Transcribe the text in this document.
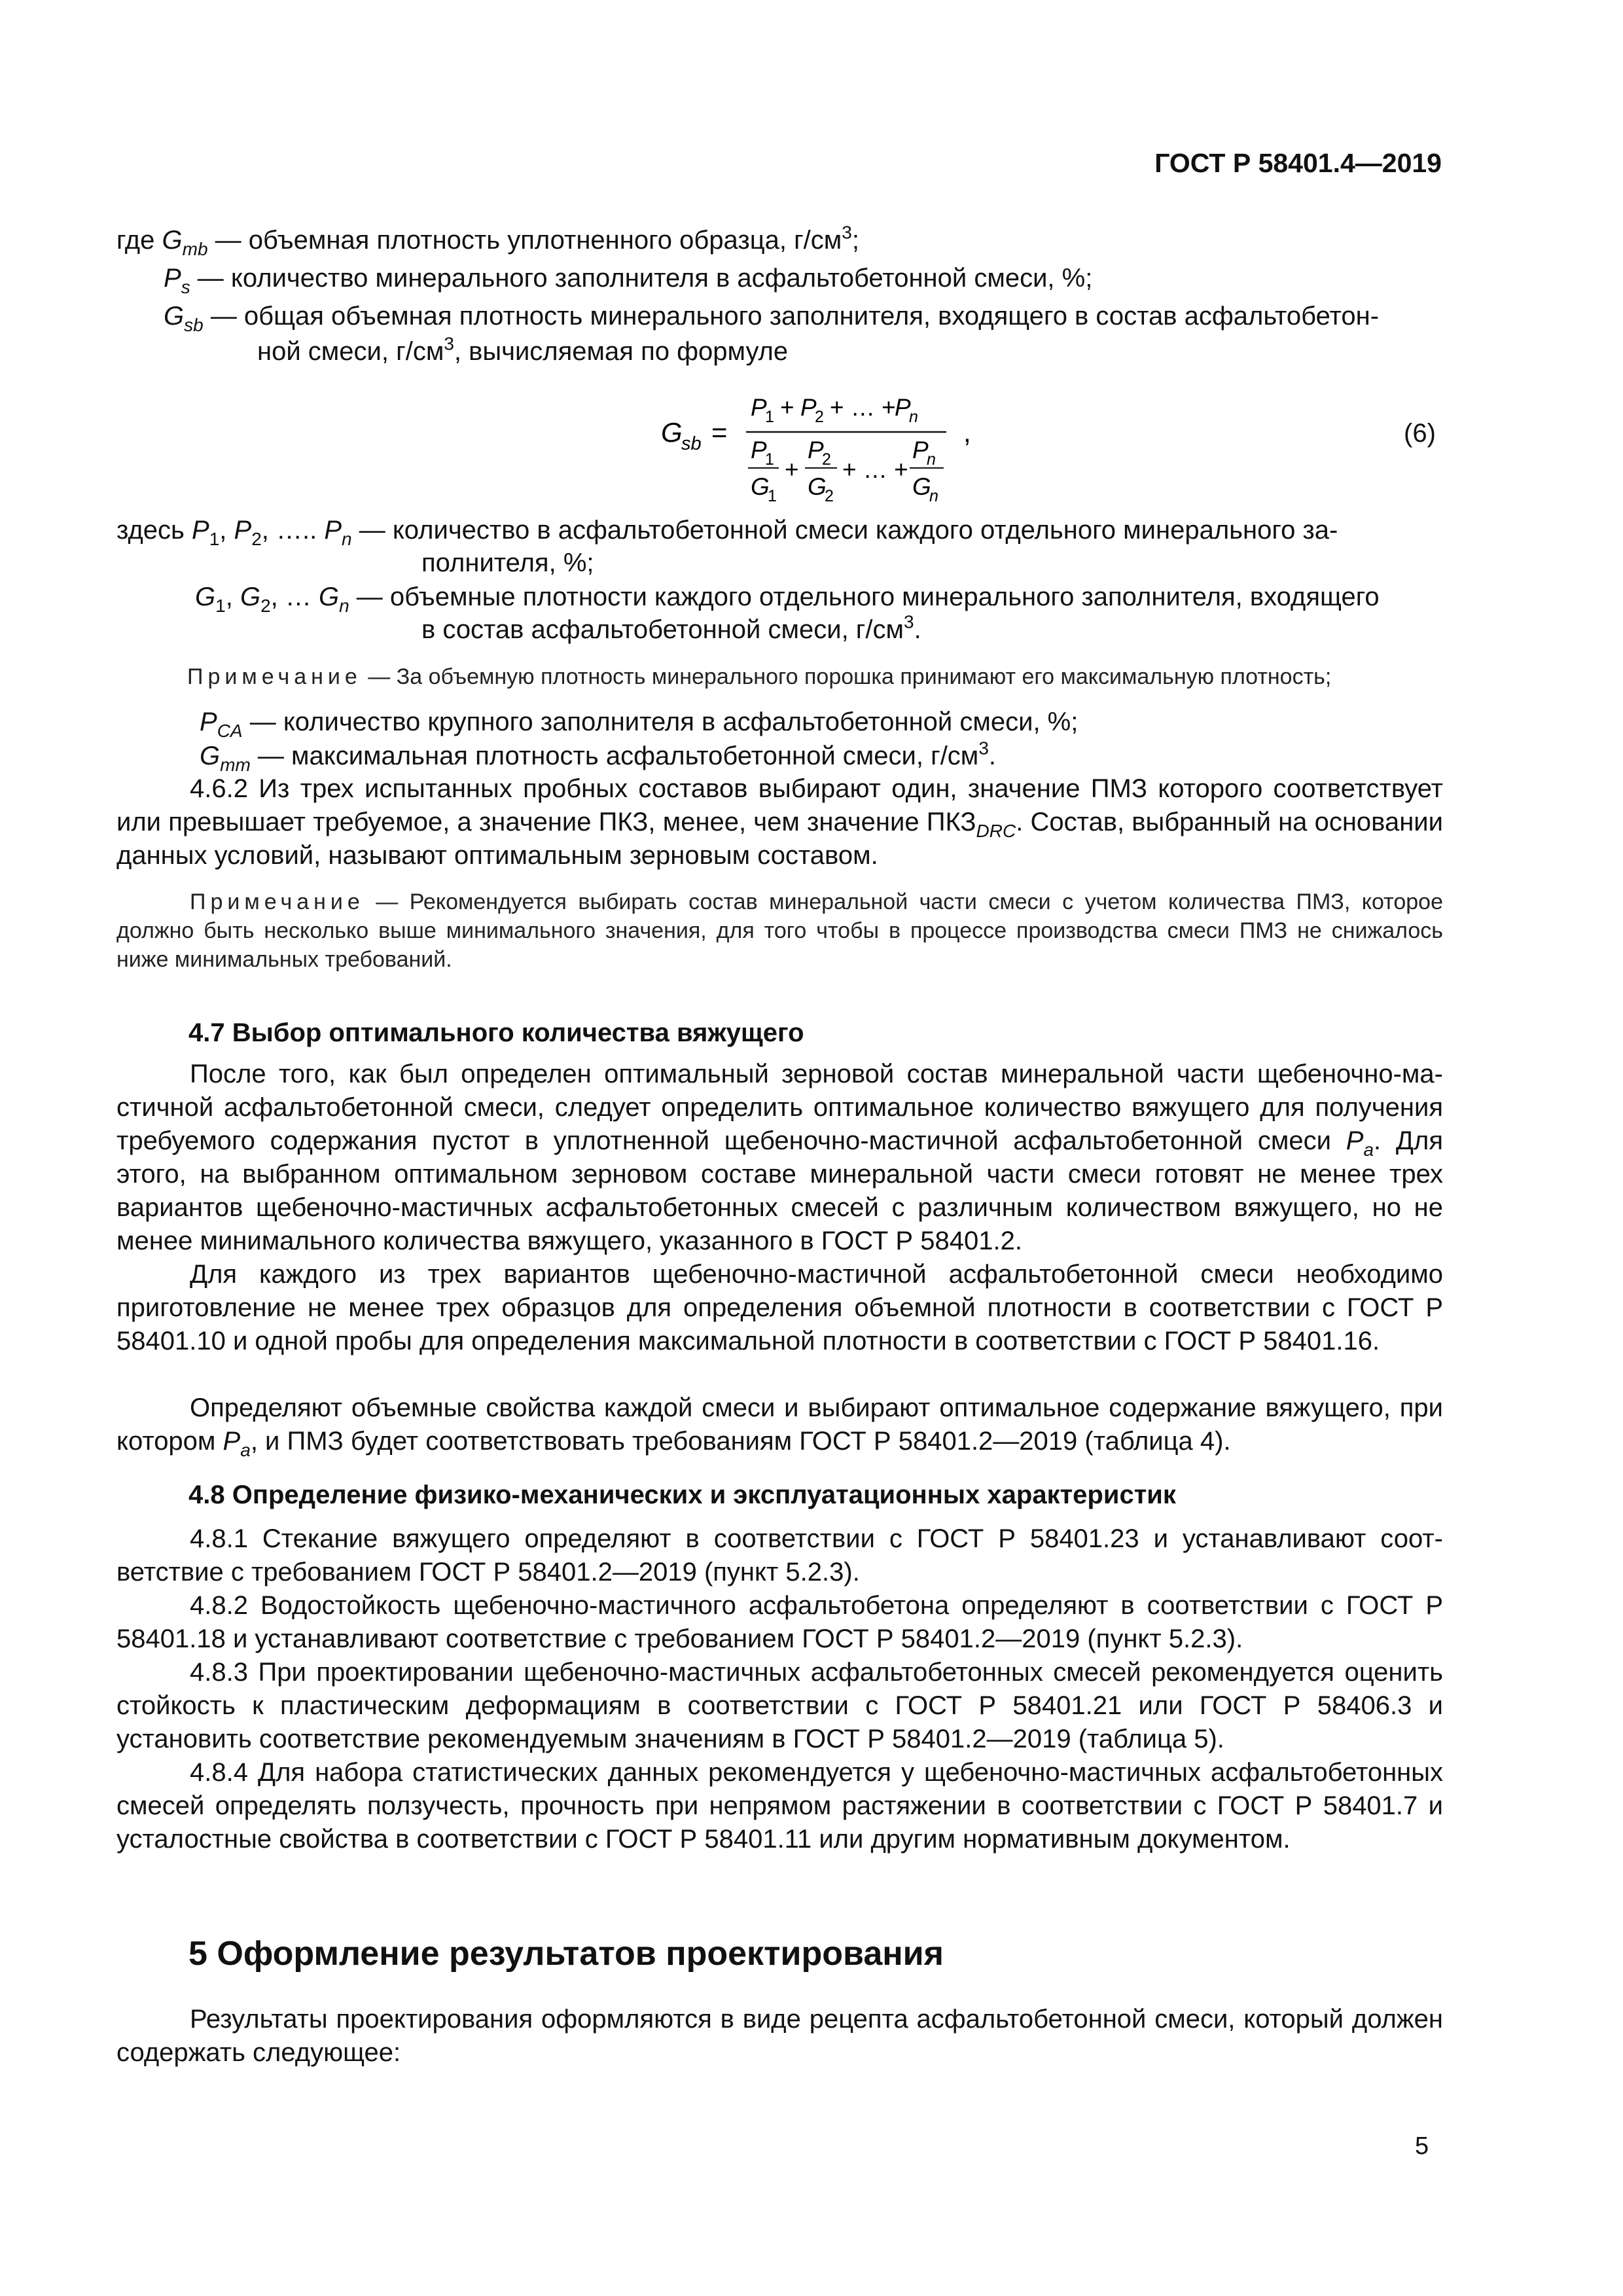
ГОСТ Р 58401.4—2019
где $G_{mb}$ — объемная плотность уплотненного образца, $г/см^3$;
$P_s$ — количество минерального заполнителя в асфальтобетонной смеси, %;
$G_{sb}$ — общая объемная плотность минерального заполнителя, входящего в состав асфальтобетон-
ной смеси, $г/см^3$, вычисляемая по формуле
G
sb =
P
1 + P
2 + … +
P
n
P
1
G
1
+
P
2
G
2
+ … +
P
n
G
n
,	(6)
здесь $P_1$, $P_2$, ….. $P_n$ — количество в асфальтобетонной смеси каждого отдельного минерального за-
полнителя, %;
$G_1$, $G_2$, … $G_n$ — объемные плотности каждого отдельного минерального заполнителя, входящего
в состав асфальтобетонной смеси, $г/см^3$.
Примечание — За объемную плотность минерального порошка принимают его максимальную плотность;
$P_{CA}$ — количество крупного заполнителя в асфальтобетонной смеси, %;
$G_{mm}$ — максимальная плотность асфальтобетонной смеси, $г/см^3$.
4.6.2 Из трех испытанных пробных составов выбирают один, значение ПМЗ которого соответствует или превышает требуемое, а значение ПКЗ, менее, чем значение $ПКЗ_{DRC}$. Состав, выбранный на основании данных условий, называют оптимальным зерновым составом.
Примечание — Рекомендуется выбирать состав минеральной части смеси с учетом количества ПМЗ, которое должно быть несколько выше минимального значения, для того чтобы в процессе производства смеси ПМЗ не снижалось ниже минимальных требований.
4.7 Выбор оптимального количества вяжущего
После того, как был определен оптимальный зерновой состав минеральной части щебеночно-мастичной асфальтобетонной смеси, следует определить оптимальное количество вяжущего для получения требуемого содержания пустот в уплотненной щебеночно-мастичной асфальтобетонной смеси $P_a$. Для этого, на выбранном оптимальном зерновом составе минеральной части смеси готовят не менее трех вариантов щебеночно-мастичных асфальтобетонных смесей с различным количеством вяжущего, но не менее минимального количества вяжущего, указанного в ГОСТ Р 58401.2.
Для каждого из трех вариантов щебеночно-мастичной асфальтобетонной смеси необходимо приготовление не менее трех образцов для определения объемной плотности в соответствии с ГОСТ Р 58401.10 и одной пробы для определения максимальной плотности в соответствии с ГОСТ Р 58401.16.
Определяют объемные свойства каждой смеси и выбирают оптимальное содержание вяжущего, при котором $P_a$, и ПМЗ будет соответствовать требованиям ГОСТ Р 58401.2—2019 (таблица 4).
4.8 Определение физико-механических и эксплуатационных характеристик
4.8.1 Стекание вяжущего определяют в соответствии с ГОСТ Р 58401.23 и устанавливают соответствие с требованием ГОСТ Р 58401.2—2019 (пункт 5.2.3).
4.8.2 Водостойкость щебеночно-мастичного асфальтобетона определяют в соответствии с ГОСТ Р 58401.18 и устанавливают соответствие с требованием ГОСТ Р 58401.2—2019 (пункт 5.2.3).
4.8.3 При проектировании щебеночно-мастичных асфальтобетонных смесей рекомендуется оценить стойкость к пластическим деформациям в соответствии с ГОСТ Р 58401.21 или ГОСТ Р 58406.3 и установить соответствие рекомендуемым значениям в ГОСТ Р 58401.2—2019 (таблица 5).
4.8.4 Для набора статистических данных рекомендуется у щебеночно-мастичных асфальтобетонных смесей определять ползучесть, прочность при непрямом растяжении в соответствии с ГОСТ Р 58401.7 и усталостные свойства в соответствии с ГОСТ Р 58401.11 или другим нормативным документом.
5 Оформление результатов проектирования
Результаты проектирования оформляются в виде рецепта асфальтобетонной смеси, который должен содержать следующее:
5
